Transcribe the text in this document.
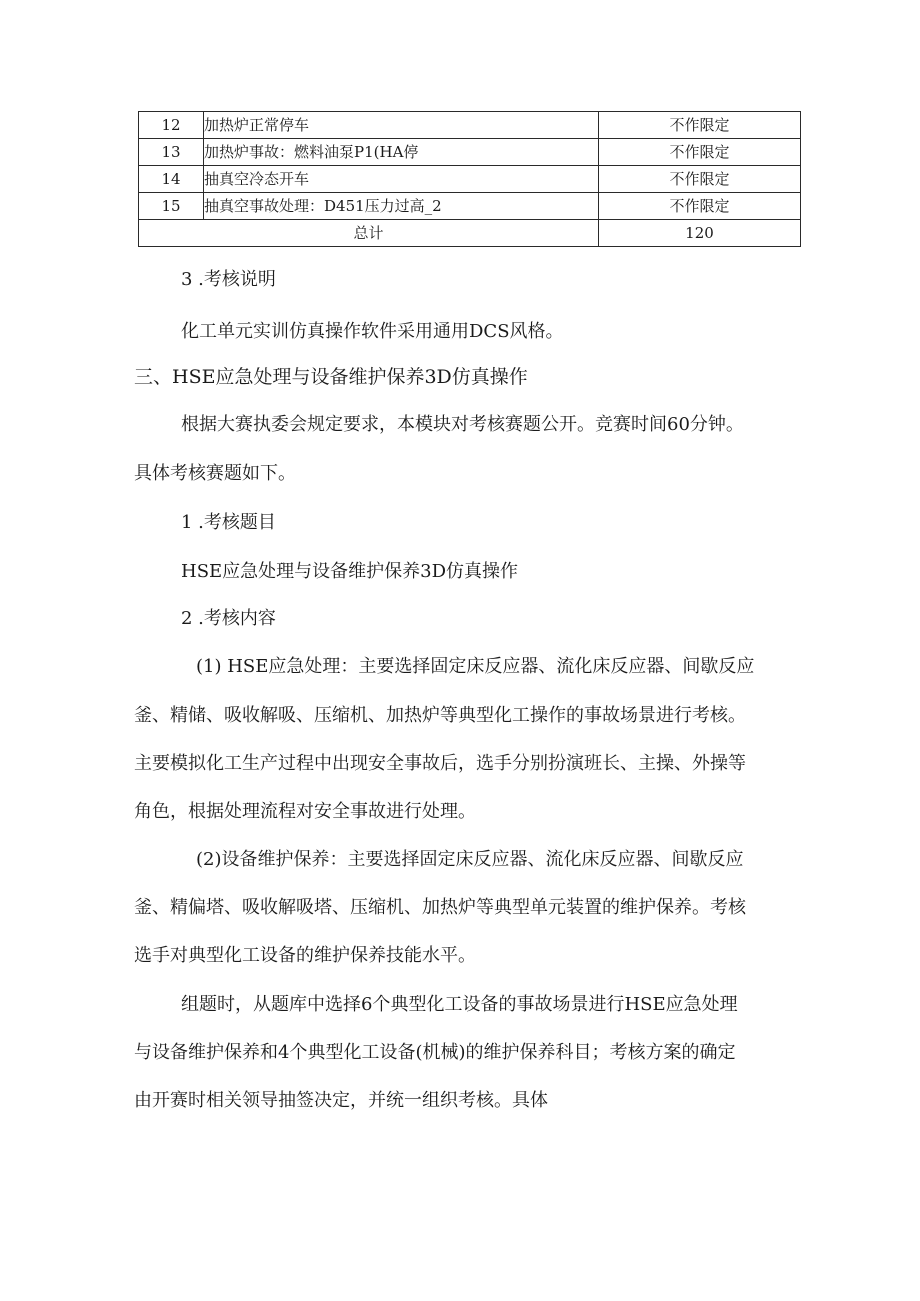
12	加热炉正常停车	不作限定
13	加热炉事故：燃料油泵P1(HA停	不作限定
14	抽真空冷态开车	不作限定
15	抽真空事故处理：D451压力过高_2	不作限定
总计		120
3 .考核说明
化工单元实训仿真操作软件采用通用DCS风格。
三、HSE应急处理与设备维护保养3D仿真操作
根据大赛执委会规定要求，本模块对考核赛题公开。竞赛时间60分钟。
具体考核赛题如下。
1 .考核题目
HSE应急处理与设备维护保养3D仿真操作
2 .考核内容
(1) HSE应急处理：主要选择固定床反应器、流化床反应器、间歇反应
釜、精储、吸收解吸、压缩机、加热炉等典型化工操作的事故场景进行考核。
主要模拟化工生产过程中出现安全事故后，选手分别扮演班长、主操、外操等
角色，根据处理流程对安全事故进行处理。
(2)设备维护保养：主要选择固定床反应器、流化床反应器、间歇反应
釜、精偏塔、吸收解吸塔、压缩机、加热炉等典型单元装置的维护保养。考核
选手对典型化工设备的维护保养技能水平。
组题时，从题库中选择6个典型化工设备的事故场景进行HSE应急处理
与设备维护保养和4个典型化工设备(机械)的维护保养科目；考核方案的确定
由开赛时相关领导抽签决定，并统一组织考核。具体
